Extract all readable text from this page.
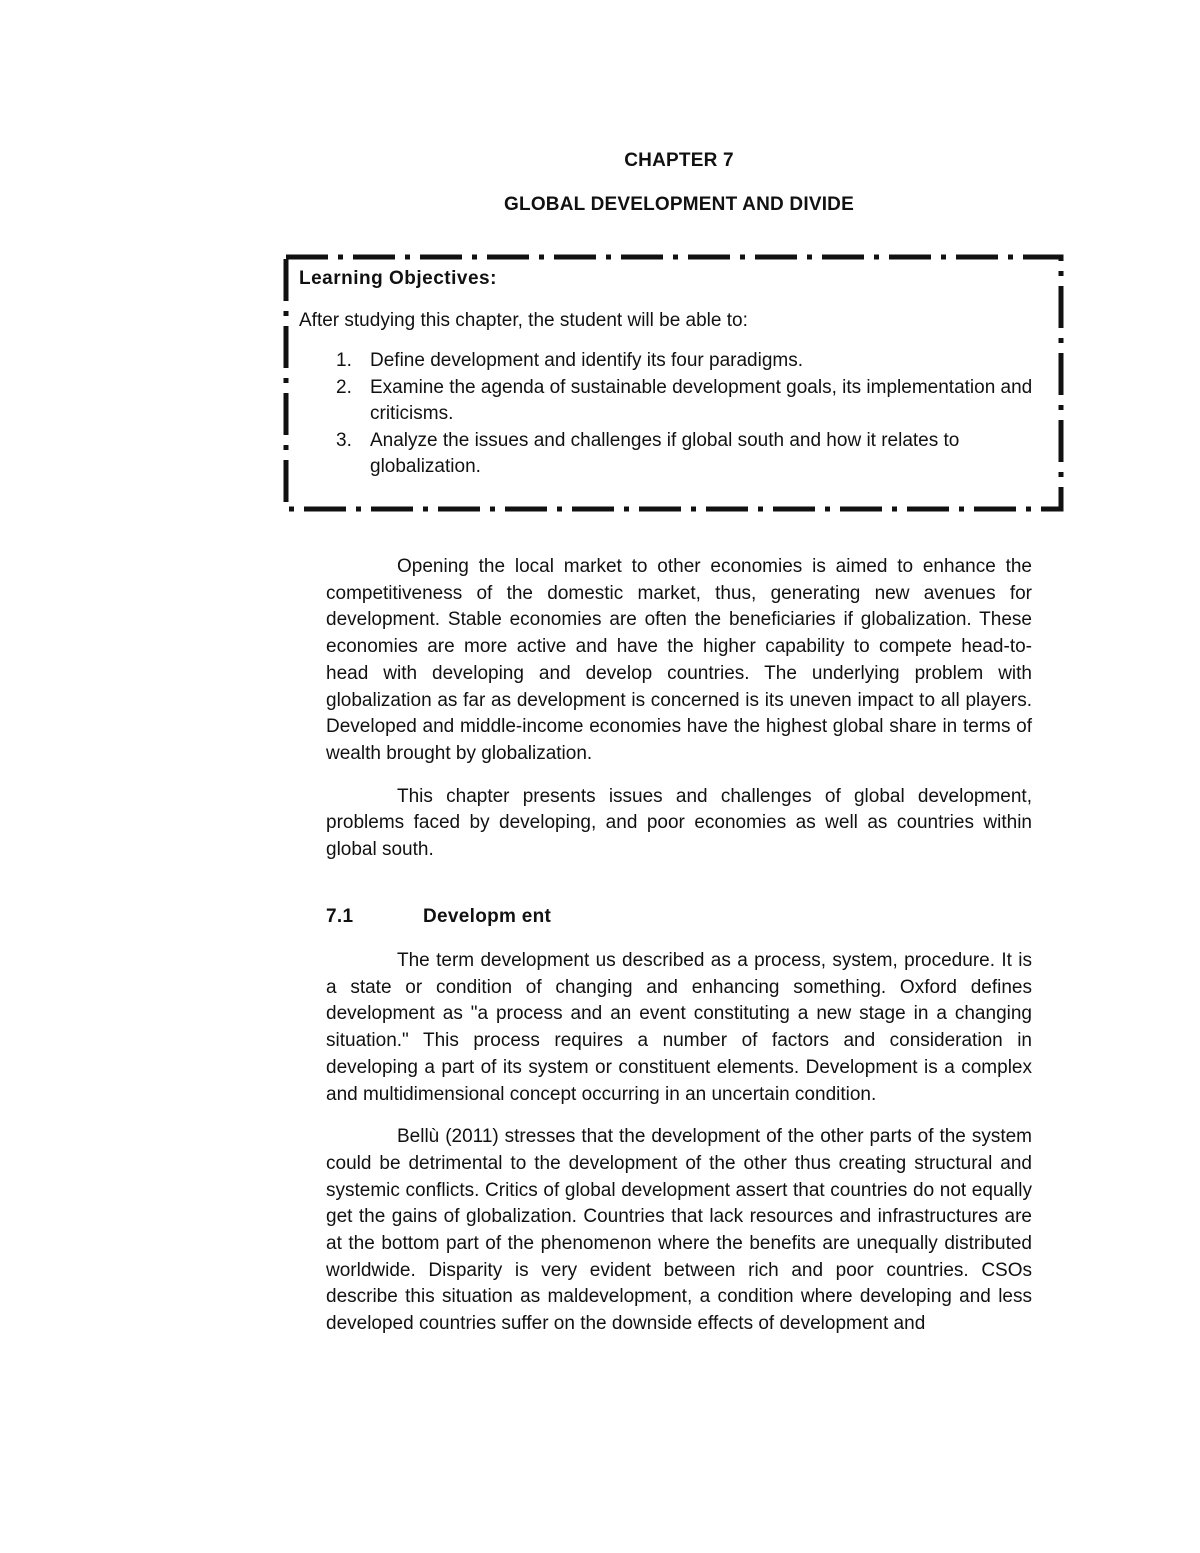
CHAPTER 7
GLOBAL DEVELOPMENT AND DIVIDE

Learning Objectives:

After studying this chapter, the student will be able to:

1. Define development and identify its four paradigms.
2. Examine the agenda of sustainable development goals, its implementation and criticisms.
3. Analyze the issues and challenges if global south and how it relates to globalization.

Opening the local market to other economies is aimed to enhance the competitiveness of the domestic market, thus, generating new avenues for development. Stable economies are often the beneficiaries if globalization. These economies are more active and have the higher capability to compete head-to- head with developing and develop countries. The underlying problem with globalization as far as development is concerned is its uneven impact to all players. Developed and middle-income economies have the highest global share in terms of wealth brought by globalization.

This chapter presents issues and challenges of global development, problems faced by developing, and poor economies as well as countries within global south.

7.1	Developm ent

The term development us described as a process, system, procedure. It is a state or condition of changing and enhancing something. Oxford defines development as "a process and an event constituting a new stage in a changing situation." This process requires a number of factors and consideration in developing a part of its system or constituent elements. Development is a complex and multidimensional concept occurring in an uncertain condition.

Bellù (2011) stresses that the development of the other parts of the system could be detrimental to the development of the other thus creating structural and systemic conflicts. Critics of global development assert that countries do not equally get the gains of globalization. Countries that lack resources and infrastructures are at the bottom part of the phenomenon where the benefits are unequally distributed worldwide. Disparity is very evident between rich and poor countries. CSOs describe this situation as maldevelopment, a condition where developing and less developed countries suffer on the downside effects of development and
